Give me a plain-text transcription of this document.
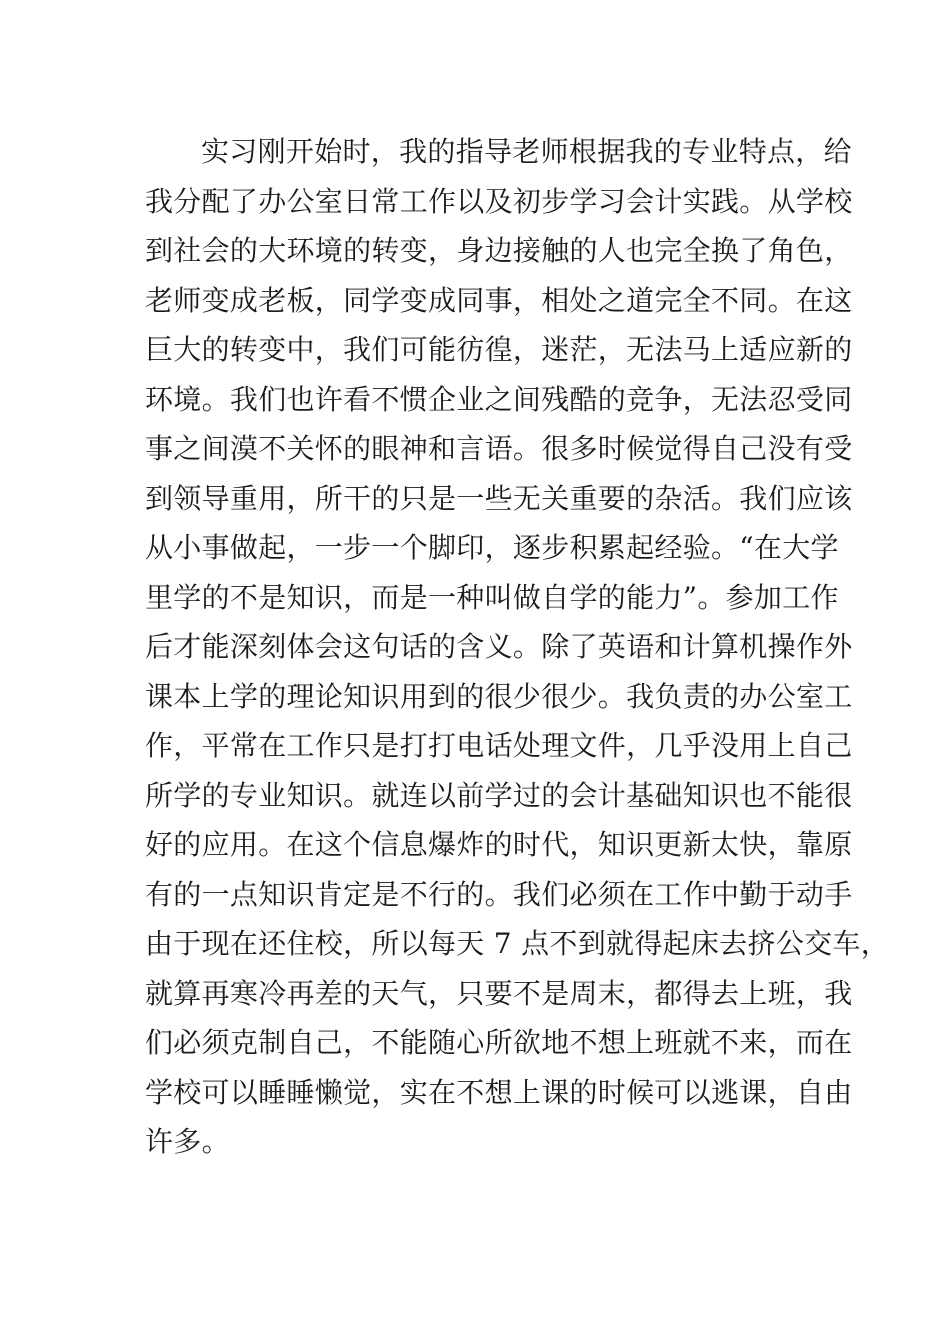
实习刚开始时，我的指导老师根据我的专业特点，给
我分配了办公室日常工作以及初步学习会计实践。从学校
到社会的大环境的转变，身边接触的人也完全换了角色，
老师变成老板，同学变成同事，相处之道完全不同。在这
巨大的转变中，我们可能彷徨，迷茫，无法马上适应新的
环境。我们也许看不惯企业之间残酷的竞争，无法忍受同
事之间漠不关怀的眼神和言语。很多时候觉得自己没有受
到领导重用，所干的只是一些无关重要的杂活。我们应该
从小事做起，一步一个脚印，逐步积累起经验。“在大学
里学的不是知识，而是一种叫做自学的能力”。参加工作
后才能深刻体会这句话的含义。除了英语和计算机操作外
课本上学的理论知识用到的很少很少。我负责的办公室工
作，平常在工作只是打打电话处理文件，几乎没用上自己
所学的专业知识。就连以前学过的会计基础知识也不能很
好的应用。在这个信息爆炸的时代，知识更新太快，靠原
有的一点知识肯定是不行的。我们必须在工作中勤于动手
由于现在还住校，所以每天 7 点不到就得起床去挤公交车，
就算再寒冷再差的天气，只要不是周末，都得去上班，我
们必须克制自己，不能随心所欲地不想上班就不来，而在
学校可以睡睡懒觉，实在不想上课的时候可以逃课，自由
许多。
